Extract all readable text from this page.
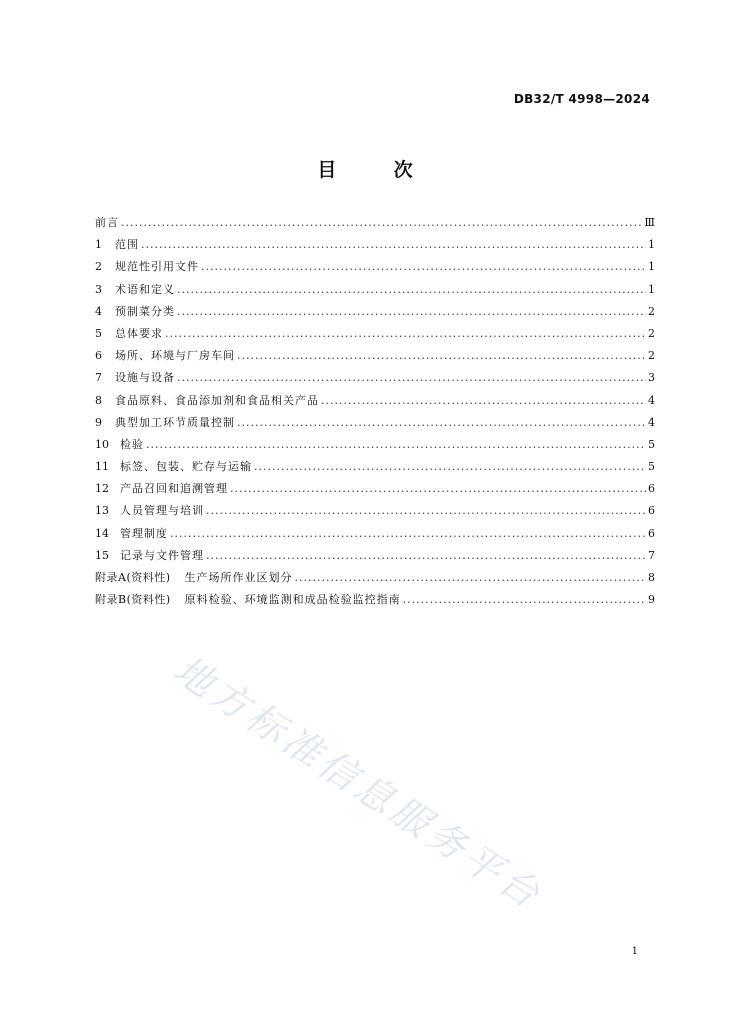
DB32/T 4998—2024
目	次
前言 .....	Ⅲ
1	范围 .....	1
2	规范性引用文件 .....	1
3	术语和定义 .....	1
4	预制菜分类 .....	2
5	总体要求 .....	2
6	场所、环境与厂房车间 .....	2
7	设施与设备 .....	3
8	食品原料、食品添加剂和食品相关产品 .....	4
9	典型加工环节质量控制 .....	4
10	检验 .....	5
11	标签、包装、贮存与运输 .....	5
12	产品召回和追溯管理 .....	6
13	人员管理与培训 .....	6
14	管理制度 .....	6
15	记录与文件管理 .....	7
附录A(资料性) 生产场所作业区划分 .....	8
附录B(资料性) 原料检验、环境监测和成品检验监控指南 .....	9
地方标准信息服务平台
1
